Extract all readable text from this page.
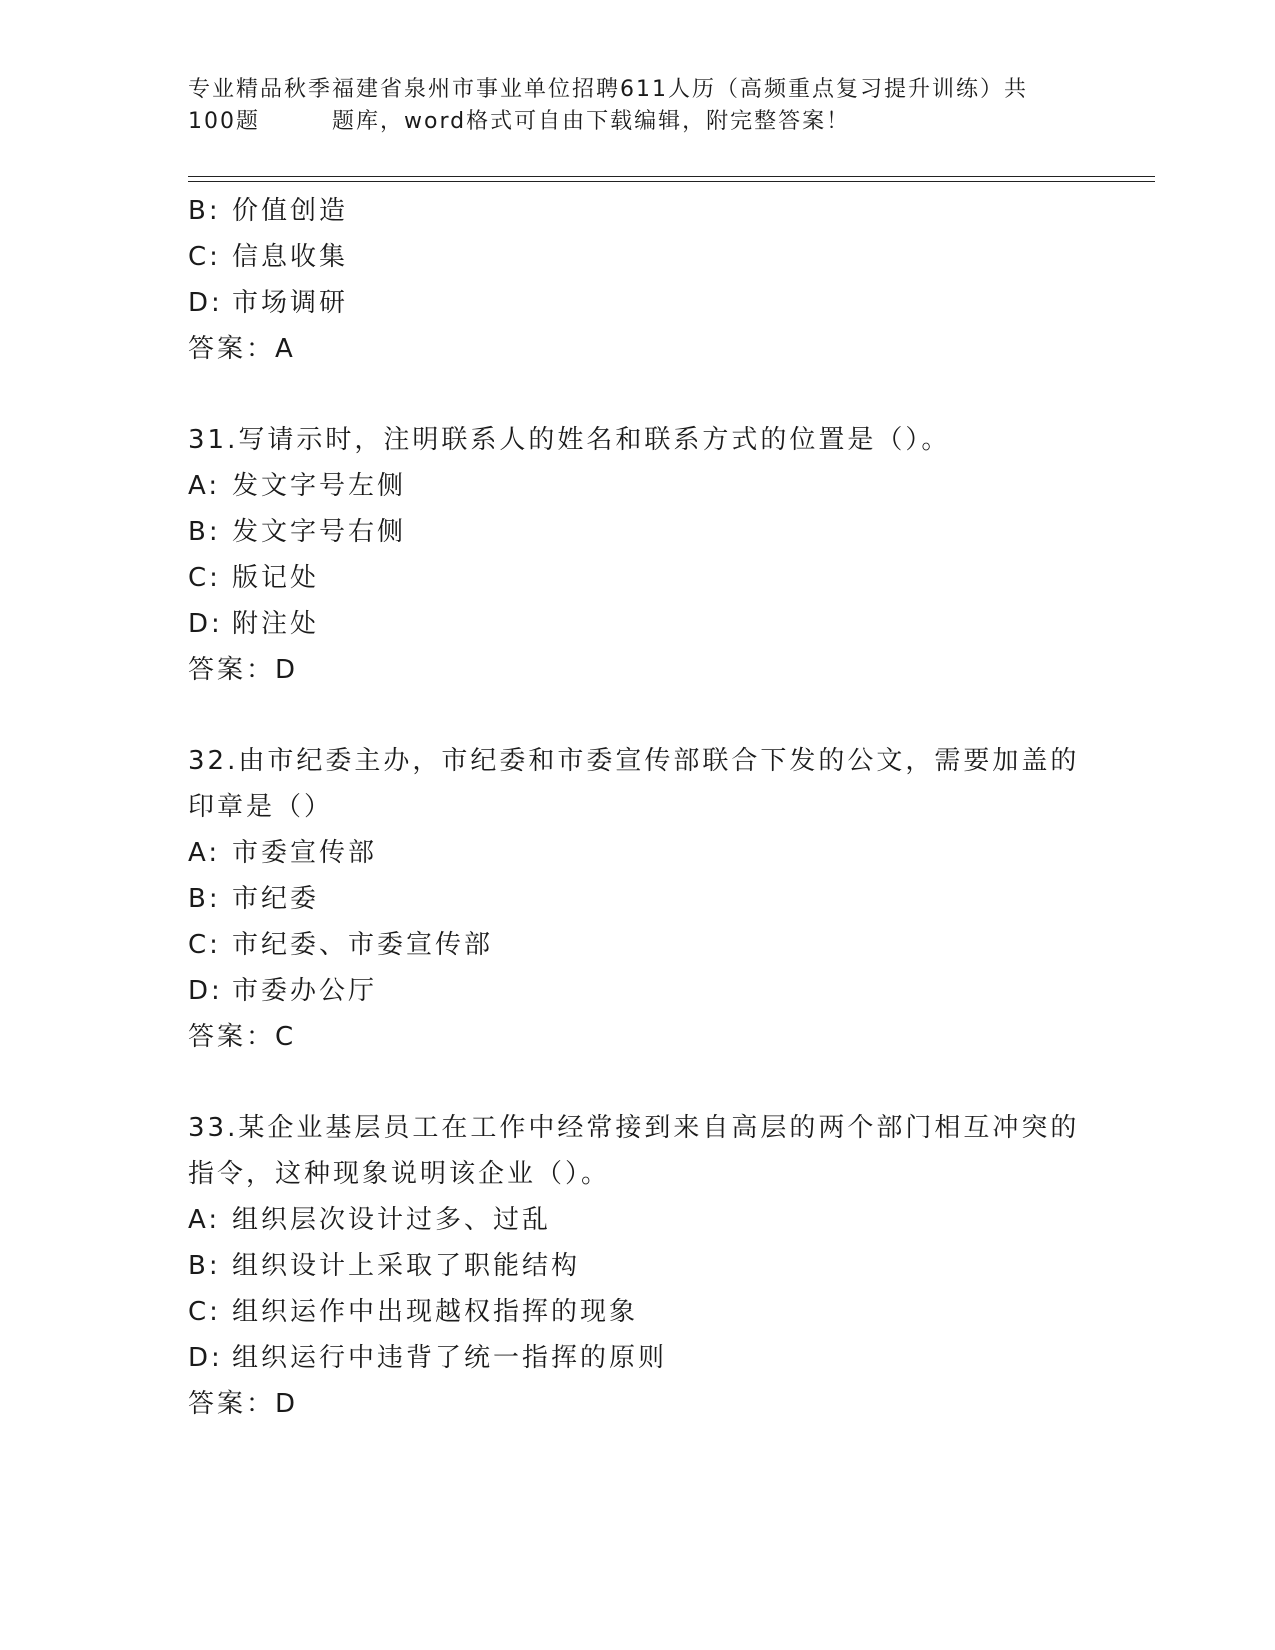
专业精品秋季福建省泉州市事业单位招聘611人历（高频重点复习提升训练）共

100题	题库，word格式可自由下载编辑，附完整答案！
B: 价值创造
C: 信息收集
D: 市场调研
答案：A
31.写请示时，注明联系人的姓名和联系方式的位置是（）。
A: 发文字号左侧
B: 发文字号右侧
C: 版记处
D: 附注处
答案：D
32.由市纪委主办，市纪委和市委宣传部联合下发的公文，需要加盖的
印章是（）
A: 市委宣传部
B: 市纪委
C: 市纪委、市委宣传部
D: 市委办公厅
答案：C
33.某企业基层员工在工作中经常接到来自高层的两个部门相互冲突的
指令，这种现象说明该企业（）。
A: 组织层次设计过多、过乱
B: 组织设计上采取了职能结构
C: 组织运作中出现越权指挥的现象
D: 组织运行中违背了统一指挥的原则
答案：D
